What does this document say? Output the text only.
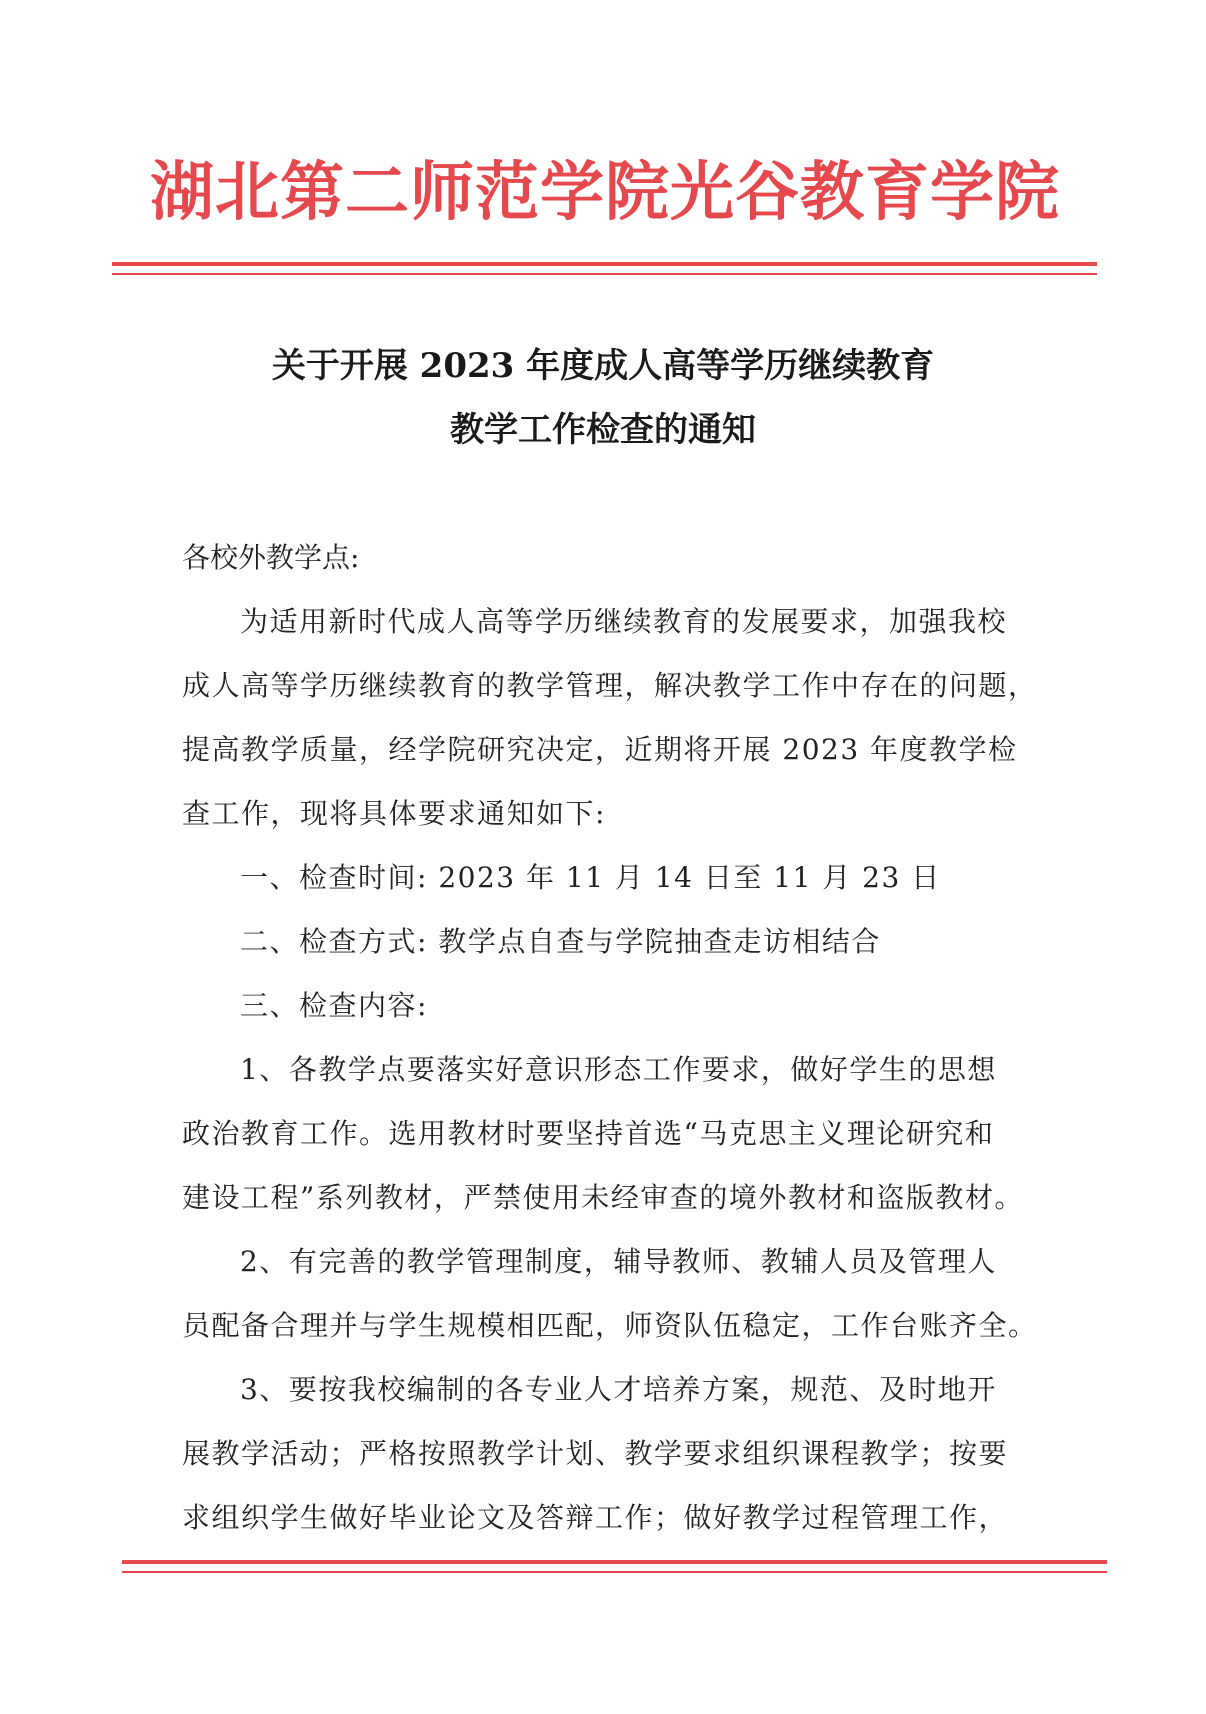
湖北第二师范学院光谷教育学院
关于开展 2023 年度成人高等学历继续教育
教学工作检查的通知
各校外教学点:
为适用新时代成人高等学历继续教育的发展要求，加强我校
成人高等学历继续教育的教学管理，解决教学工作中存在的问题，
提高教学质量，经学院研究决定，近期将开展 2023 年度教学检
查工作，现将具体要求通知如下:
一、检查时间: 2023 年 11 月 14 日至 11 月 23 日
二、检查方式: 教学点自查与学院抽查走访相结合
三、检查内容:
1、各教学点要落实好意识形态工作要求，做好学生的思想
政治教育工作。选用教材时要坚持首选“马克思主义理论研究和
建设工程”系列教材，严禁使用未经审查的境外教材和盗版教材。
2、有完善的教学管理制度，辅导教师、教辅人员及管理人
员配备合理并与学生规模相匹配，师资队伍稳定，工作台账齐全。
3、要按我校编制的各专业人才培养方案，规范、及时地开
展教学活动；严格按照教学计划、教学要求组织课程教学；按要
求组织学生做好毕业论文及答辩工作；做好教学过程管理工作，
